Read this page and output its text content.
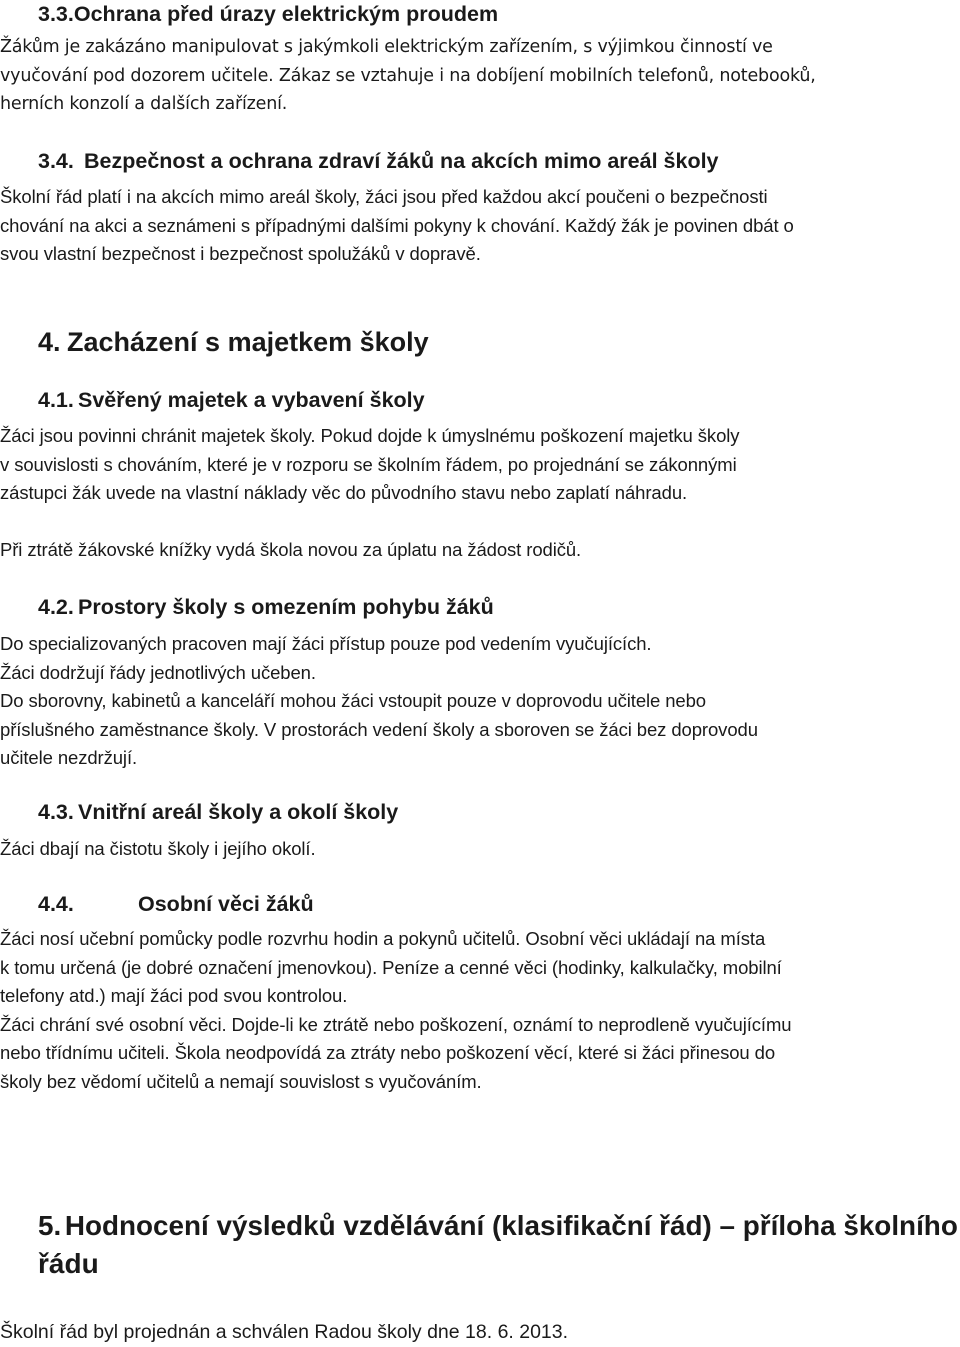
3.3.Ochrana před úrazy elektrickým proudem
Žákům je zakázáno manipulovat s jakýmkoli elektrickým zařízením, s výjimkou činností ve
vyučování pod dozorem učitele. Zákaz se vztahuje i na dobíjení mobilních telefonů, notebooků,
herních konzolí a dalších zařízení.
3.4. Bezpečnost a ochrana zdraví žáků na akcích mimo areál školy
Školní řád platí i na akcích mimo areál školy, žáci jsou před každou akcí poučeni o bezpečnosti
chování na akci a seznámeni s případnými dalšími pokyny k chování. Každý žák je povinen dbát o
svou vlastní bezpečnost i bezpečnost spolužáků v dopravě.
4. Zacházení s majetkem školy
4.1. Svěřený majetek a vybavení školy
Žáci jsou povinni chránit majetek školy. Pokud dojde k úmyslnému poškození majetku školy
v souvislosti s chováním, které je v rozporu se školním řádem, po projednání se zákonnými
zástupci žák uvede na vlastní náklady věc do původního stavu nebo zaplatí náhradu.
Při ztrátě žákovské knížky vydá škola novou za úplatu na žádost rodičů.
4.2. Prostory školy s omezením pohybu žáků
Do specializovaných pracoven mají žáci přístup pouze pod vedením vyučujících.
Žáci dodržují řády jednotlivých učeben.
Do sborovny, kabinetů a kanceláří mohou žáci vstoupit pouze v doprovodu učitele nebo
příslušného zaměstnance školy. V prostorách vedení školy a sboroven se žáci bez doprovodu
učitele nezdržují.
4.3. Vnitřní areál školy a okolí školy
Žáci dbají na čistotu školy i jejího okolí.
4.4.	Osobní věci žáků
Žáci nosí učební pomůcky podle rozvrhu hodin a pokynů učitelů. Osobní věci ukládají na místa
k tomu určená (je dobré označení jmenovkou). Peníze a cenné věci (hodinky, kalkulačky, mobilní
telefony atd.) mají žáci pod svou kontrolou.
Žáci chrání své osobní věci. Dojde-li ke ztrátě nebo poškození, oznámí to neprodleně vyučujícímu
nebo třídnímu učiteli. Škola neodpovídá za ztráty nebo poškození věcí, které si žáci přinesou do
školy bez vědomí učitelů a nemají souvislost s vyučováním.
5. Hodnocení výsledků vzdělávání (klasifikační řád) – příloha školního
řádu
Školní řád byl projednán a schválen Radou školy dne 18. 6. 2013.
